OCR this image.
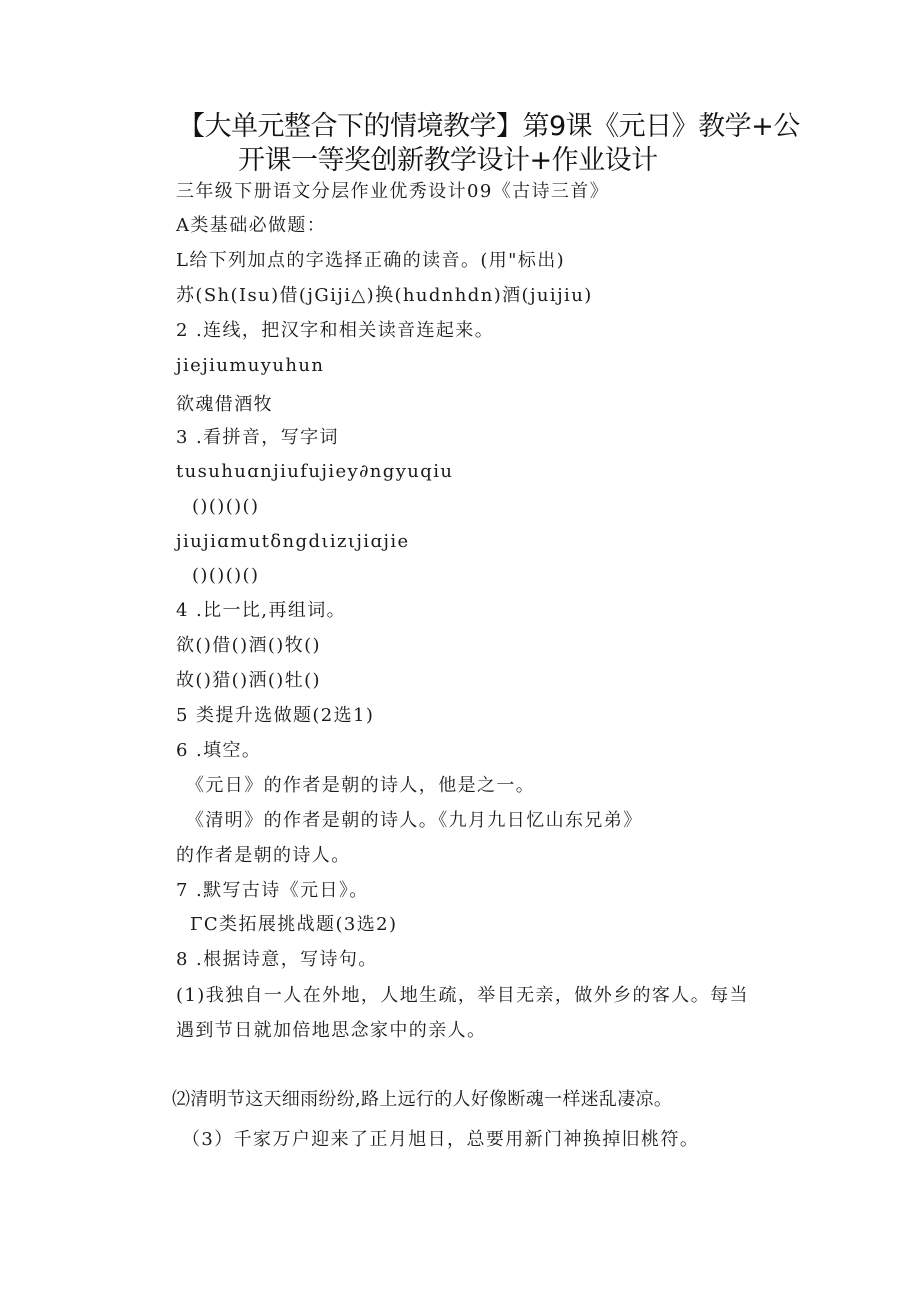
【大单元整合下的情境教学】第9课《元日》教学+公
开课一等奖创新教学设计+作业设计
三年级下册语文分层作业优秀设计09《古诗三首》
A类基础必做题：
L给下列加点的字选择正确的读音。(用"标出)
苏(Sh(Isu)借(jGiji△)换(hudnhdn)酒(juijiu)
2 .连线，把汉字和相关读音连起来。
jiejiumuyuhun
欲魂借酒牧
3 .看拼音，写字词
tusuhuɑnjiufujiey∂ngyuqiu
()()()()
jiujiɑmutδngdιizιjiɑjie
()()()()
4 .比一比,再组词。
欲()借()酒()牧()
故()猎()洒()牡()
5 类提升选做题(2选1)
6 .填空。
《元日》的作者是朝的诗人，他是之一。
《清明》的作者是朝的诗人。《九月九日忆山东兄弟》
的作者是朝的诗人。
7 .默写古诗《元日》。
ΓC类拓展挑战题(3选2)
8 .根据诗意，写诗句。
(1)我独自一人在外地，人地生疏，举目无亲，做外乡的客人。每当
遇到节日就加倍地思念家中的亲人。
⑵清明节这天细雨纷纷,路上远行的人好像断魂一样迷乱凄凉。
（3）千家万户迎来了正月旭日，总要用新门神换掉旧桃符。
